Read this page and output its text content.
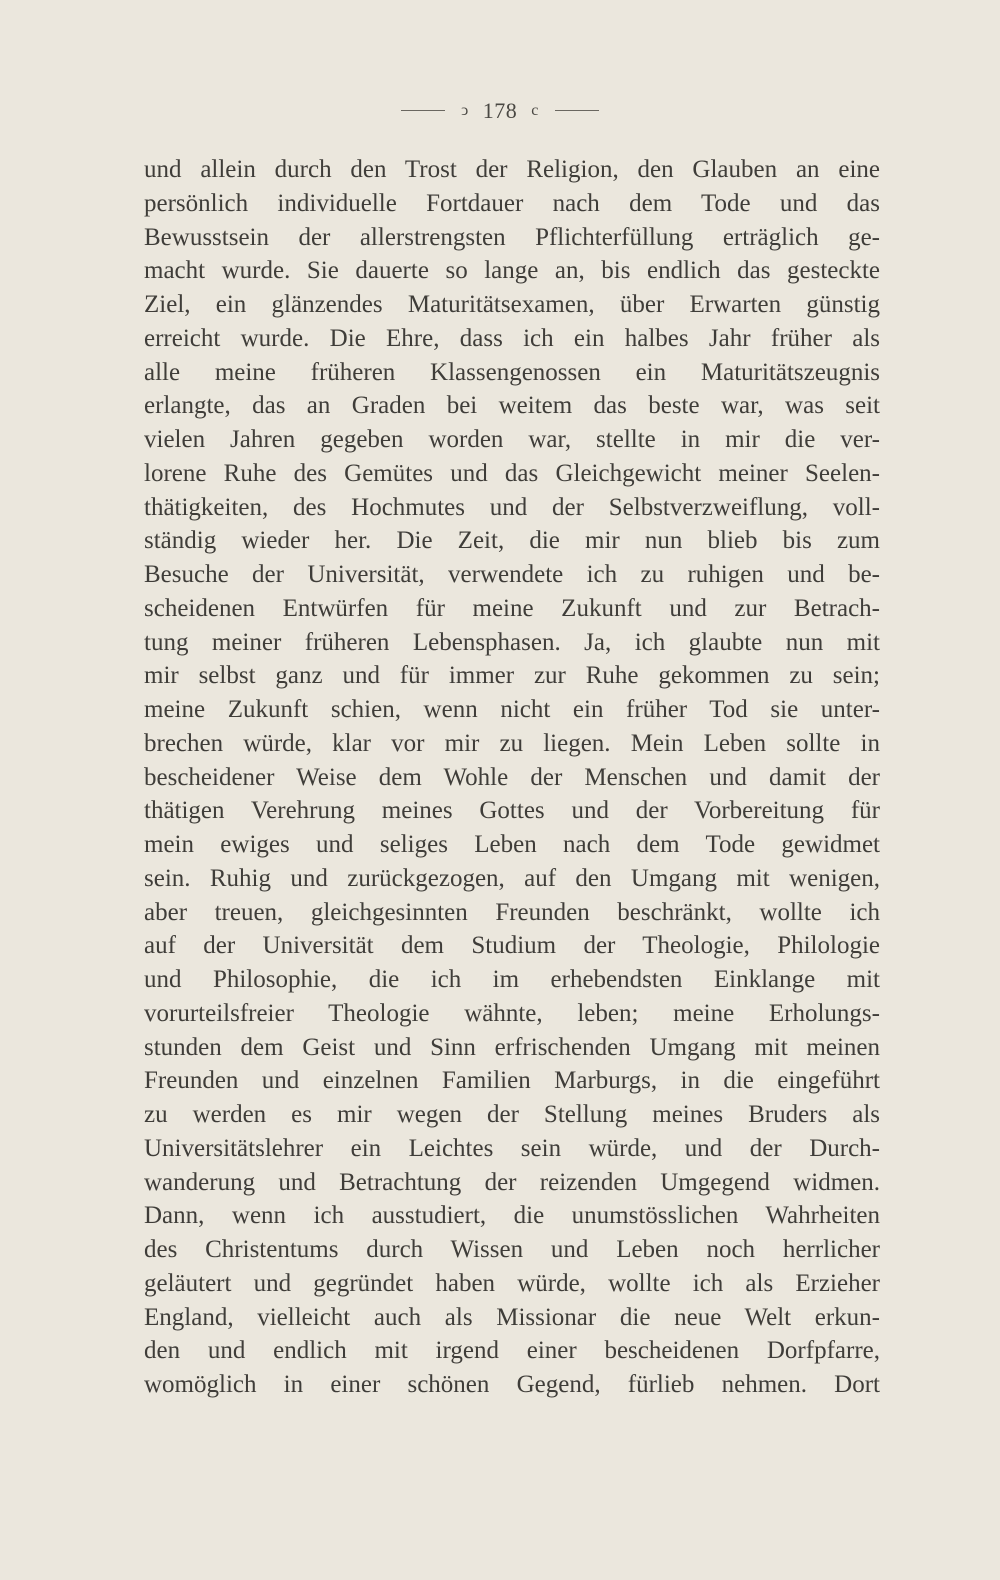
ↄ 178 c
und allein durch den Trost der Religion, den Glauben an eine
persönlich individuelle Fortdauer nach dem Tode und das
Bewusstsein der allerstrengsten Pflichterfüllung erträglich ge-
macht wurde. Sie dauerte so lange an, bis endlich das gesteckte
Ziel, ein glänzendes Maturitätsexamen, über Erwarten günstig
erreicht wurde. Die Ehre, dass ich ein halbes Jahr früher als
alle meine früheren Klassengenossen ein Maturitätszeugnis
erlangte, das an Graden bei weitem das beste war, was seit
vielen Jahren gegeben worden war, stellte in mir die ver-
lorene Ruhe des Gemütes und das Gleichgewicht meiner Seelen-
thätigkeiten, des Hochmutes und der Selbstverzweiflung, voll-
ständig wieder her. Die Zeit, die mir nun blieb bis zum
Besuche der Universität, verwendete ich zu ruhigen und be-
scheidenen Entwürfen für meine Zukunft und zur Betrach-
tung meiner früheren Lebensphasen. Ja, ich glaubte nun mit
mir selbst ganz und für immer zur Ruhe gekommen zu sein;
meine Zukunft schien, wenn nicht ein früher Tod sie unter-
brechen würde, klar vor mir zu liegen. Mein Leben sollte in
bescheidener Weise dem Wohle der Menschen und damit der
thätigen Verehrung meines Gottes und der Vorbereitung für
mein ewiges und seliges Leben nach dem Tode gewidmet
sein. Ruhig und zurückgezogen, auf den Umgang mit wenigen,
aber treuen, gleichgesinnten Freunden beschränkt, wollte ich
auf der Universität dem Studium der Theologie, Philologie
und Philosophie, die ich im erhebendsten Einklange mit
vorurteilsfreier Theologie wähnte, leben; meine Erholungs-
stunden dem Geist und Sinn erfrischenden Umgang mit meinen
Freunden und einzelnen Familien Marburgs, in die eingeführt
zu werden es mir wegen der Stellung meines Bruders als
Universitätslehrer ein Leichtes sein würde, und der Durch-
wanderung und Betrachtung der reizenden Umgegend widmen.
Dann, wenn ich ausstudiert, die unumstösslichen Wahrheiten
des Christentums durch Wissen und Leben noch herrlicher
geläutert und gegründet haben würde, wollte ich als Erzieher
England, vielleicht auch als Missionar die neue Welt erkun-
den und endlich mit irgend einer bescheidenen Dorfpfarre,
womöglich in einer schönen Gegend, fürlieb nehmen. Dort
